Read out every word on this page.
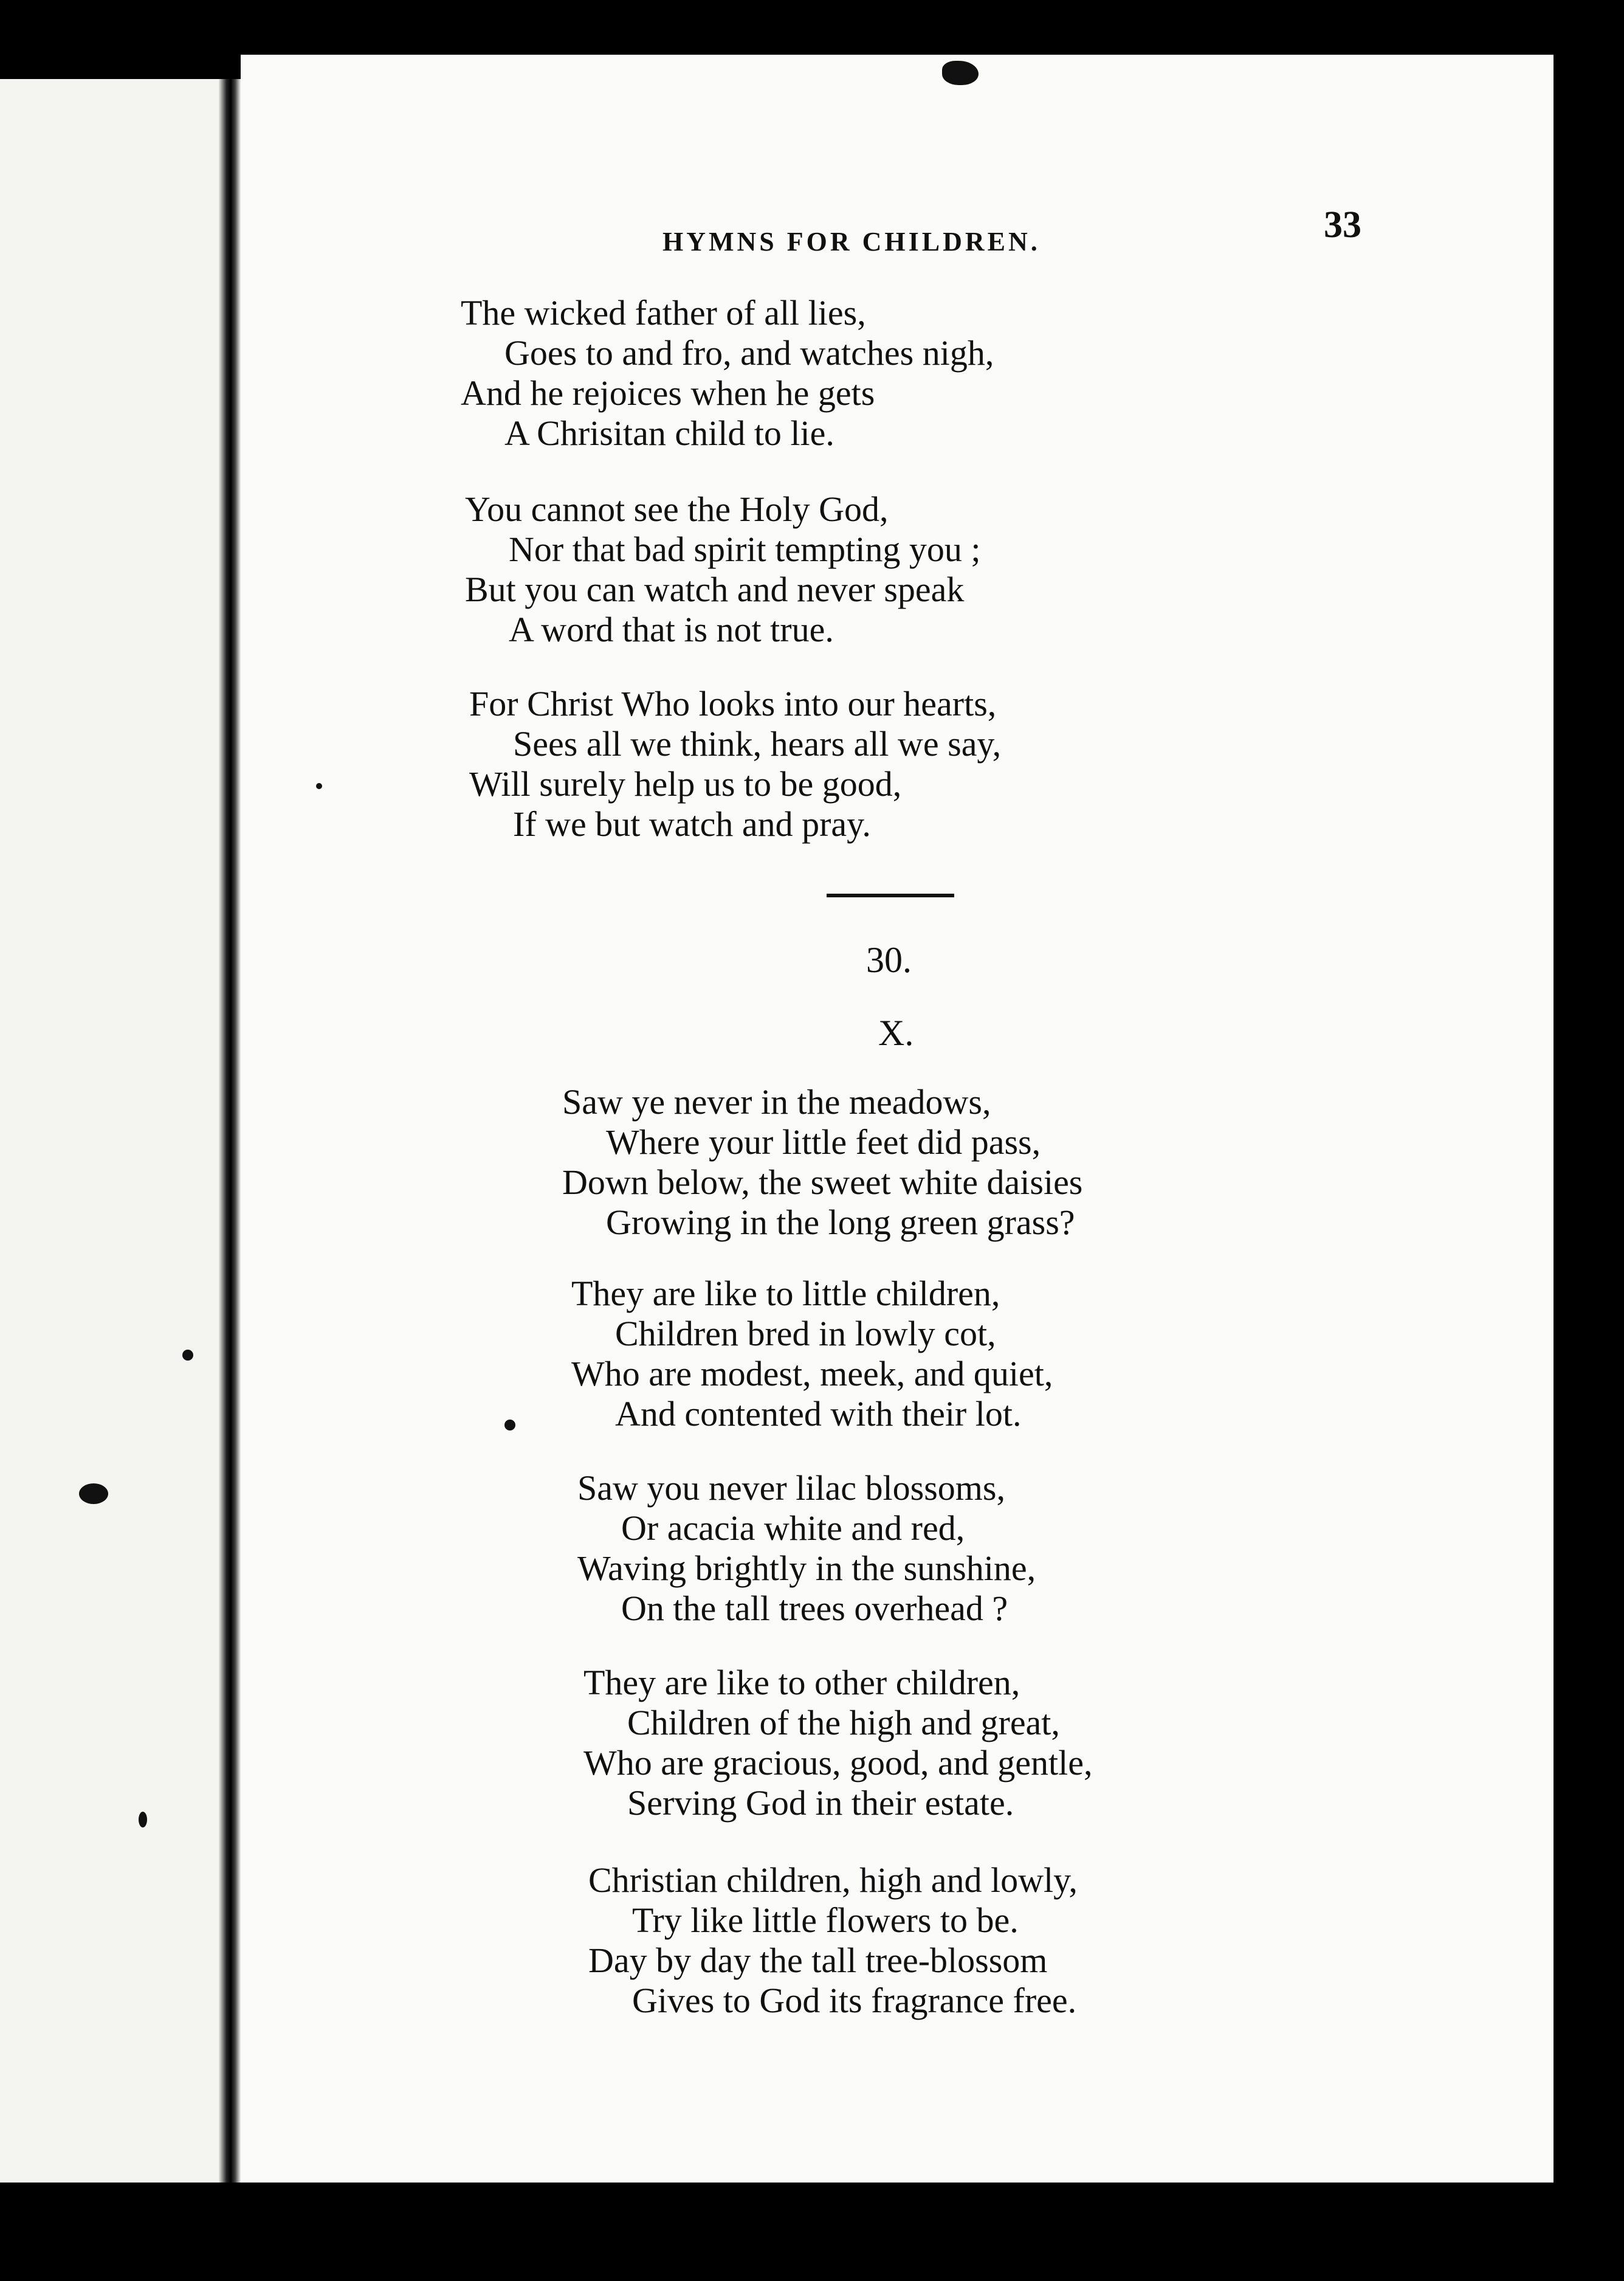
HYMNS FOR CHILDREN.	33

The wicked father of all lies,
Goes to and fro, and watches nigh,
And he rejoices when he gets
A Chrisitan child to lie.

You cannot see the Holy God,
Nor that bad spirit tempting you ;
But you can watch and never speak
A word that is not true.

For Christ Who looks into our hearts,
Sees all we think, hears all we say,
Will surely help us to be good,
If we but watch and pray.

30.
X.

Saw ye never in the meadows,
Where your little feet did pass,
Down below, the sweet white daisies
Growing in the long green grass?

They are like to little children,
Children bred in lowly cot,
Who are modest, meek, and quiet,
And contented with their lot.

Saw you never lilac blossoms,
Or acacia white and red,
Waving brightly in the sunshine,
On the tall trees overhead ?

They are like to other children,
Children of the high and great,
Who are gracious, good, and gentle,
Serving God in their estate.

Christian children, high and lowly,
Try like little flowers to be.
Day by day the tall tree-blossom
Gives to God its fragrance free.
